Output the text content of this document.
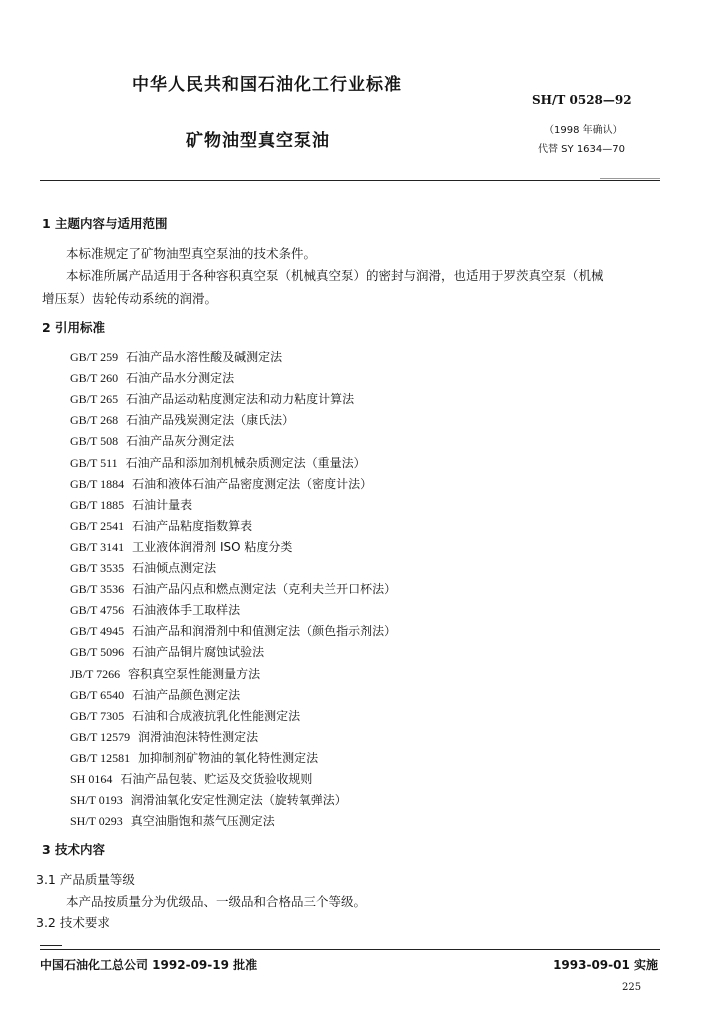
中华人民共和国石油化工行业标准
SH/T 0528—92
矿物油型真空泵油
（1998 年确认）
代替 SY 1634—70
1 主题内容与适用范围
本标准规定了矿物油型真空泵油的技术条件。
本标准所属产品适用于各种容积真空泵（机械真空泵）的密封与润滑，也适用于罗茨真空泵（机械
增压泵）齿轮传动系统的润滑。
2 引用标准
GB/T 259 石油产品水溶性酸及碱测定法
GB/T 260 石油产品水分测定法
GB/T 265 石油产品运动粘度测定法和动力粘度计算法
GB/T 268 石油产品残炭测定法（康氏法）
GB/T 508 石油产品灰分测定法
GB/T 511 石油产品和添加剂机械杂质测定法（重量法）
GB/T 1884 石油和液体石油产品密度测定法（密度计法）
GB/T 1885 石油计量表
GB/T 2541 石油产品粘度指数算表
GB/T 3141 工业液体润滑剂 ISO 粘度分类
GB/T 3535 石油倾点测定法
GB/T 3536 石油产品闪点和燃点测定法（克利夫兰开口杯法）
GB/T 4756 石油液体手工取样法
GB/T 4945 石油产品和润滑剂中和值测定法（颜色指示剂法）
GB/T 5096 石油产品铜片腐蚀试验法
JB/T 7266 容积真空泵性能测量方法
GB/T 6540 石油产品颜色测定法
GB/T 7305 石油和合成液抗乳化性能测定法
GB/T 12579 润滑油泡沫特性测定法
GB/T 12581 加抑制剂矿物油的氧化特性测定法
SH 0164 石油产品包装、贮运及交货验收规则
SH/T 0193 润滑油氧化安定性测定法（旋转氧弹法）
SH/T 0293 真空油脂饱和蒸气压测定法
3 技术内容
3.1 产品质量等级
本产品按质量分为优级品、一级品和合格品三个等级。
3.2 技术要求
中国石油化工总公司 1992-09-19 批准	1993-09-01 实施
225
